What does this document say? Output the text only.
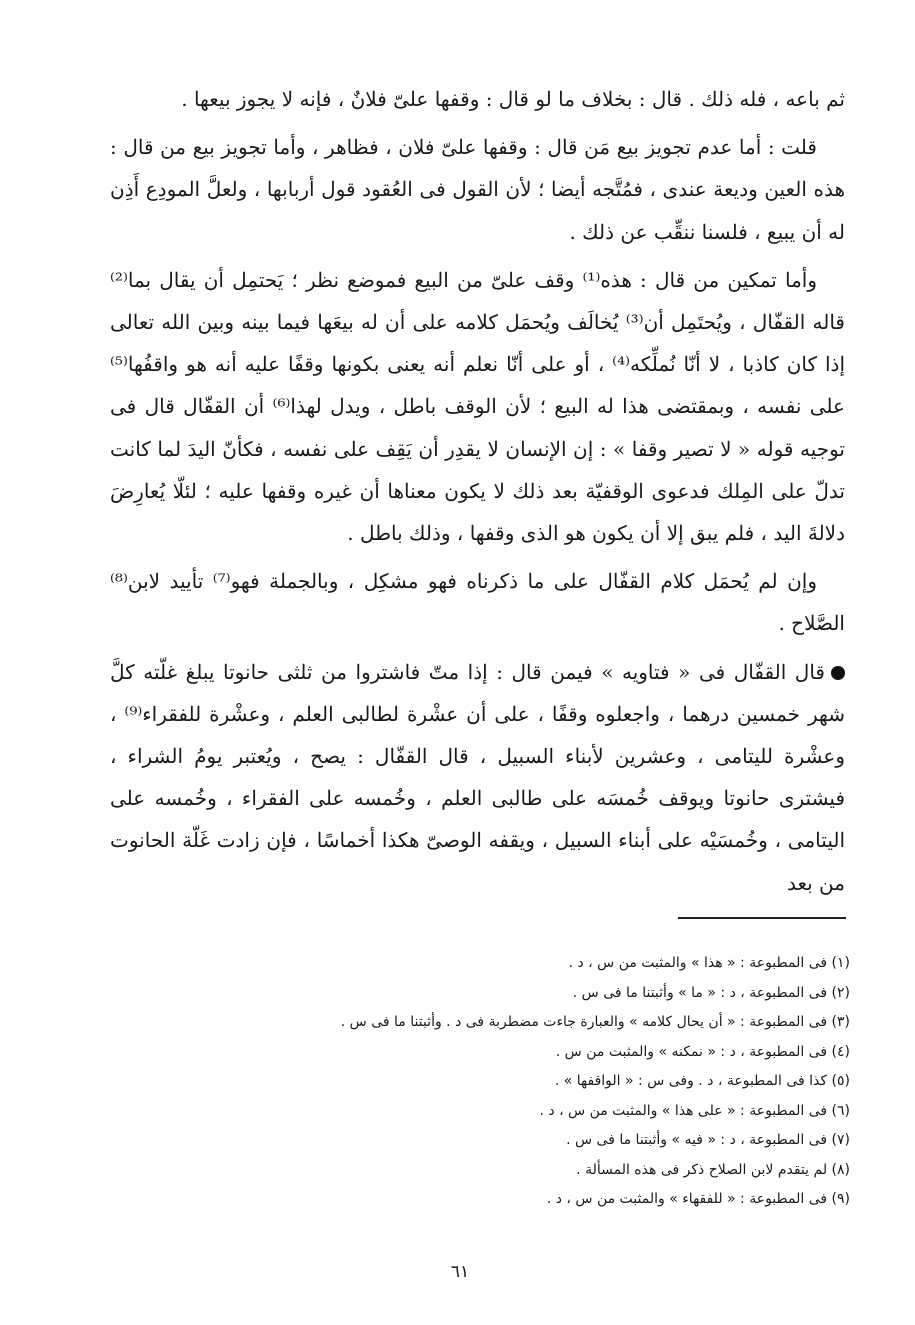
ثم باعه ، فله ذلك . قال : بخلاف ما لو قال : وقفها علىّ فلانٌ ، فإنه لا يجوز بيعها .

قلت : أما عدم تجويز بيع مَن قال : وقفها علىّ فلان ، فظاهر ، وأما تجويز بيع من قال : هذه العين وديعة عندى ، فمُتَّجه أيضا ؛ لأن القول فى العُقود قول أربابها ، ولعلَّ المودِع أَذِن له أن يبيع ، فلسنا ننقِّب عن ذلك .

وأما تمكين من قال : هذه⁽¹⁾ وقف علىّ من البيع فموضع نظر ؛ يَحتمِل أن يقال بما⁽²⁾ قاله القفّال ، ويُحتَمِل أن⁽³⁾ يُخالَف ويُحمَل كلامه على أن له بيعَها فيما بينه وبين الله تعالى إذا كان كاذبا ، لا أنّا نُملِّكه⁽⁴⁾ ، أو على أنّا نعلم أنه يعنى بكونها وقفًا عليه أنه هو واقفُها⁽⁵⁾ على نفسه ، وبمقتضى هذا له البيع ؛ لأن الوقف باطل ، ويدل لهذا⁽⁶⁾ أن القفّال قال فى توجيه قوله « لا تصير وقفا » : إن الإنسان لا يقدِر أن يَقِف على نفسه ، فكأنّ اليدَ لما كانت تدلّ على المِلك فدعوى الوقفيّة بعد ذلك لا يكون معناها أن غيره وقفها عليه ؛ لئلّا يُعارِضَ دلالةَ اليد ، فلم يبق إلا أن يكون هو الذى وقفها ، وذلك باطل .

وإن لم يُحمَل كلام القفّال على ما ذكرناه فهو مشكِل ، وبالجملة فهو⁽⁷⁾ تأييد لابن⁽⁸⁾ الصَّلاح .

قال القفّال فى « فتاويه » فيمن قال : إذا متّ فاشتروا من ثلثى حانوتا يبلغ غلّته كلَّ شهر خمسين درهما ، واجعلوه وقفًا ، على أن عشْرة لطالبى العلم ، وعشْرة للفقراء⁽⁹⁾ ، وعشْرة لليتامى ، وعشرين لأبناء السبيل ، قال القفّال : يصح ، ويُعتبر يومُ الشراء ، فيشترى حانوتا ويوقف خُمسَه على طالبى العلم ، وخُمسه على الفقراء ، وخُمسه على اليتامى ، وخُمسَيْه على أبناء السبيل ، ويقفه الوصىّ هكذا أخماسًا ، فإن زادت غَلّة الحانوت من بعد

(١) فى المطبوعة : « هذا » والمثبت من س ، د .

(٢) فى المطبوعة ، د : « ما » وأثبتنا ما فى س .

(٣) فى المطبوعة : « أن يحال كلامه » والعبارة جاءت مضطربة فى د . وأثبتنا ما فى س .

(٤) فى المطبوعة ، د : « نمكنه » والمثبت من س .

(٥) كذا فى المطبوعة ، د . وفى س : « الواقفها » .

(٦) فى المطبوعة : « على هذا » والمثبت من س ، د .

(٧) فى المطبوعة ، د : « فيه » وأثبتنا ما فى س .

(٨) لم يتقدم لابن الصلاح ذكر فى هذه المسألة .

(٩) فى المطبوعة : « للفقهاء » والمثبت من س ، د .

٦١
